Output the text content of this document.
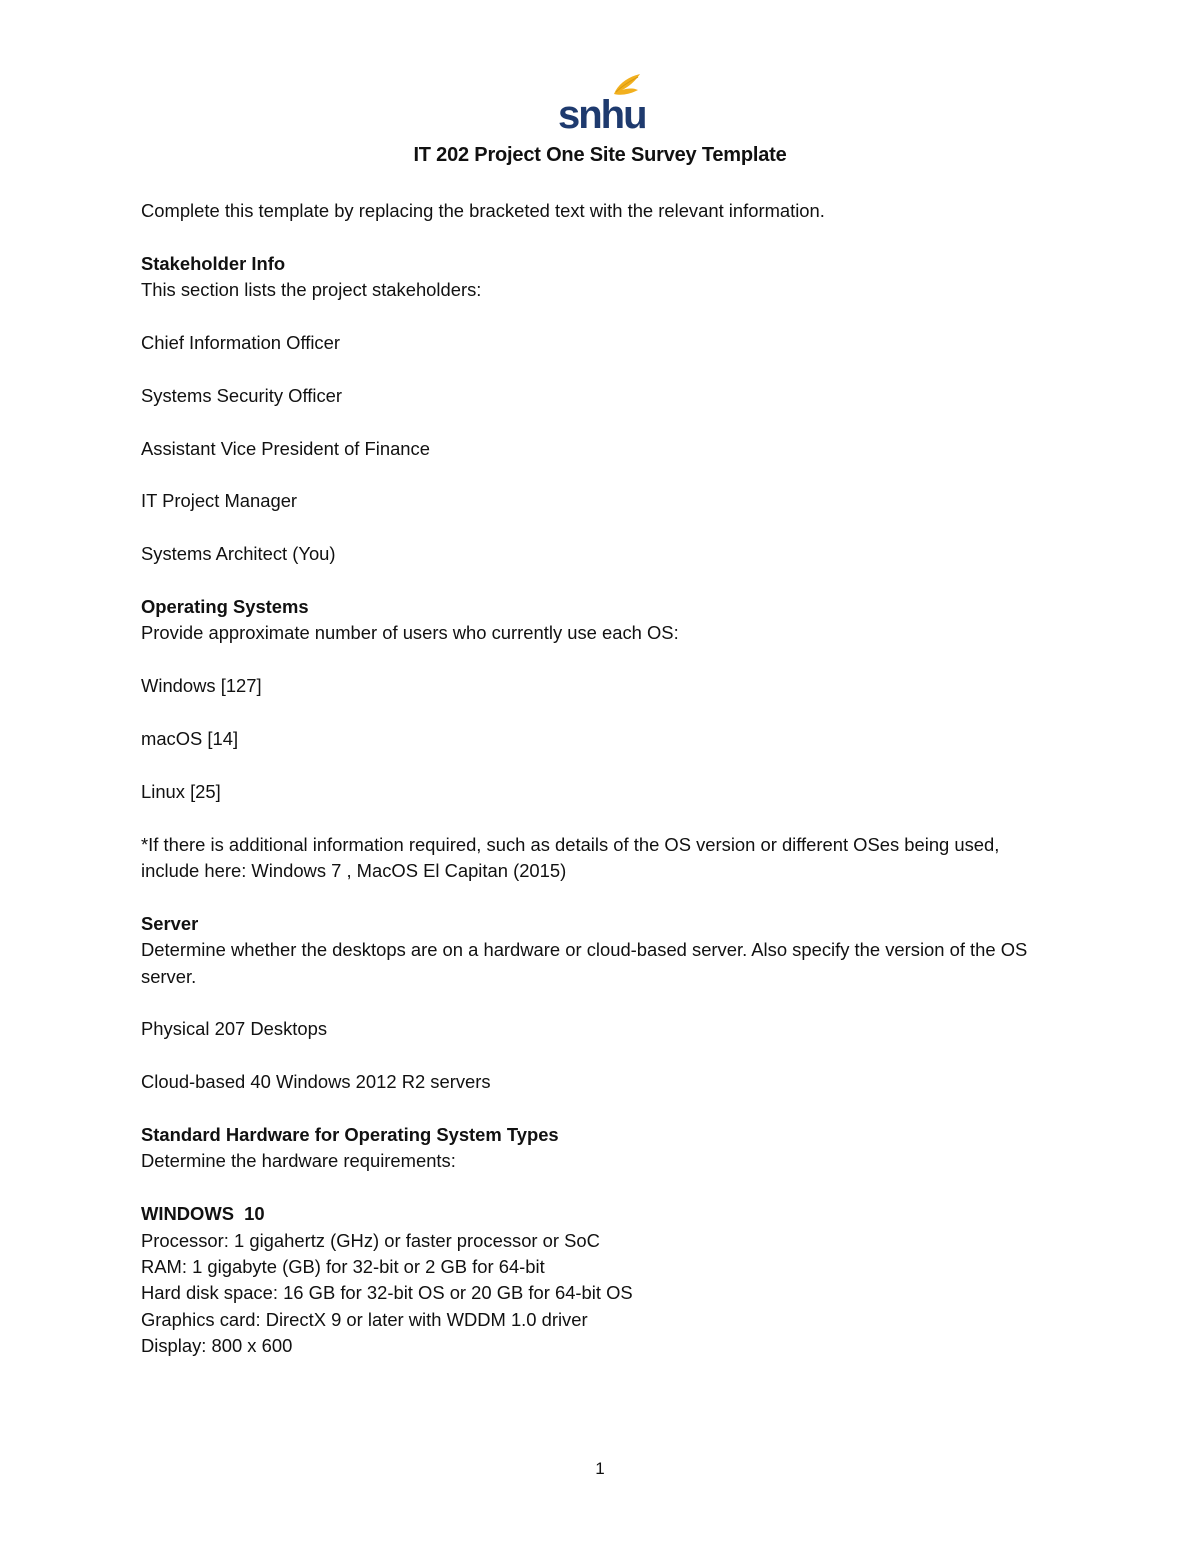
snhu
IT 202 Project One Site Survey Template

Complete this template by replacing the bracketed text with the relevant information.

Stakeholder Info

This section lists the project stakeholders:

Chief Information Officer

Systems Security Officer

Assistant Vice President of Finance

IT Project Manager

Systems Architect (You)

Operating Systems

Provide approximate number of users who currently use each OS:

Windows [127]

macOS [14]

Linux [25]

*If there is additional information required, such as details of the OS version or different OSes being used, include here: Windows 7 , MacOS El Capitan (2015)

Server

Determine whether the desktops are on a hardware or cloud-based server. Also specify the version of the OS server.

Physical 207 Desktops

Cloud-based 40 Windows 2012 R2 servers

Standard Hardware for Operating System Types

Determine the hardware requirements:

WINDOWS  10

Processor: 1 gigahertz (GHz) or faster processor or SoC

RAM: 1 gigabyte (GB) for 32-bit or 2 GB for 64-bit

Hard disk space: 16 GB for 32-bit OS or 20 GB for 64-bit OS

Graphics card: DirectX 9 or later with WDDM 1.0 driver

Display: 800 x 600

1
